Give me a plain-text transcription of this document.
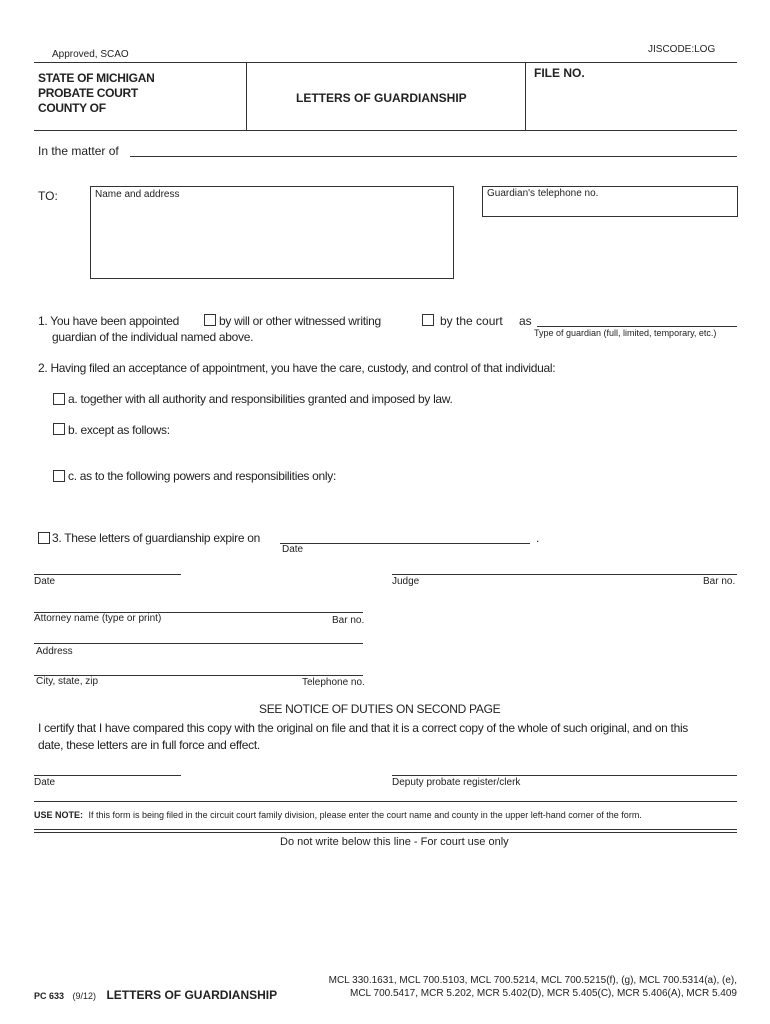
Approved, SCAO	JISCODE:LOG
STATE OF MICHIGAN
PROBATE COURT
COUNTY OF
LETTERS OF GUARDIANSHIP
FILE NO.
In the matter of
TO:	Name and address	Guardian's telephone no.
1. You have been appointed	by will or other witnessed writing	by the court as
Type of guardian (full, limited, temporary, etc.)
guardian of the individual named above.
2. Having filed an acceptance of appointment, you have the care, custody, and control of that individual:
a. together with all authority and responsibilities granted and imposed by law.
b. except as follows:
c. as to the following powers and responsibilities only:
3. These letters of guardianship expire on	.
Date
Date	Judge	Bar no.
Attorney name (type or print)	Bar no.
Address
City, state, zip	Telephone no.
SEE NOTICE OF DUTIES ON SECOND PAGE
I certify that I have compared this copy with the original on file and that it is a correct copy of the whole of such original, and on this
date, these letters are in full force and effect.
Date	Deputy probate register/clerk
USE NOTE: If this form is being filed in the circuit court family division, please enter the court name and county in the upper left-hand corner of the form.
Do not write below this line - For court use only
PC 633 (9/12) LETTERS OF GUARDIANSHIP
MCL 330.1631, MCL 700.5103, MCL 700.5214, MCL 700.5215(f), (g), MCL 700.5314(a), (e),
MCL 700.5417, MCR 5.202, MCR 5.402(D), MCR 5.405(C), MCR 5.406(A), MCR 5.409
